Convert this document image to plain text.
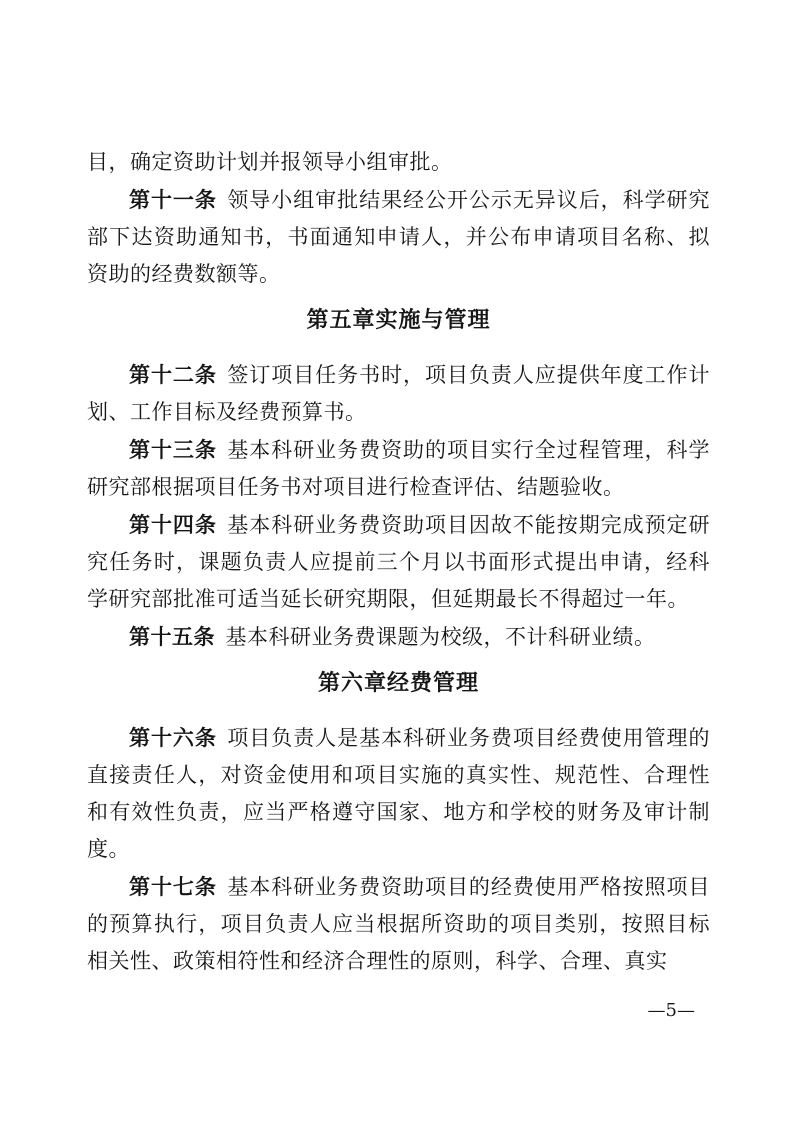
目，确定资助计划并报领导小组审批。

第十一条 领导小组审批结果经公开公示无异议后，科学研究部下达资助通知书，书面通知申请人，并公布申请项目名称、拟资助的经费数额等。

第五章实施与管理

第十二条 签订项目任务书时，项目负责人应提供年度工作计划、工作目标及经费预算书。

第十三条 基本科研业务费资助的项目实行全过程管理，科学研究部根据项目任务书对项目进行检查评估、结题验收。

第十四条 基本科研业务费资助项目因故不能按期完成预定研究任务时，课题负责人应提前三个月以书面形式提出申请，经科学研究部批准可适当延长研究期限，但延期最长不得超过一年。

第十五条 基本科研业务费课题为校级，不计科研业绩。

第六章经费管理

第十六条 项目负责人是基本科研业务费项目经费使用管理的直接责任人，对资金使用和项目实施的真实性、规范性、合理性和有效性负责，应当严格遵守国家、地方和学校的财务及审计制度。

第十七条 基本科研业务费资助项目的经费使用严格按照项目的预算执行，项目负责人应当根据所资助的项目类别，按照目标相关性、政策相符性和经济合理性的原则，科学、合理、真实

—5—
